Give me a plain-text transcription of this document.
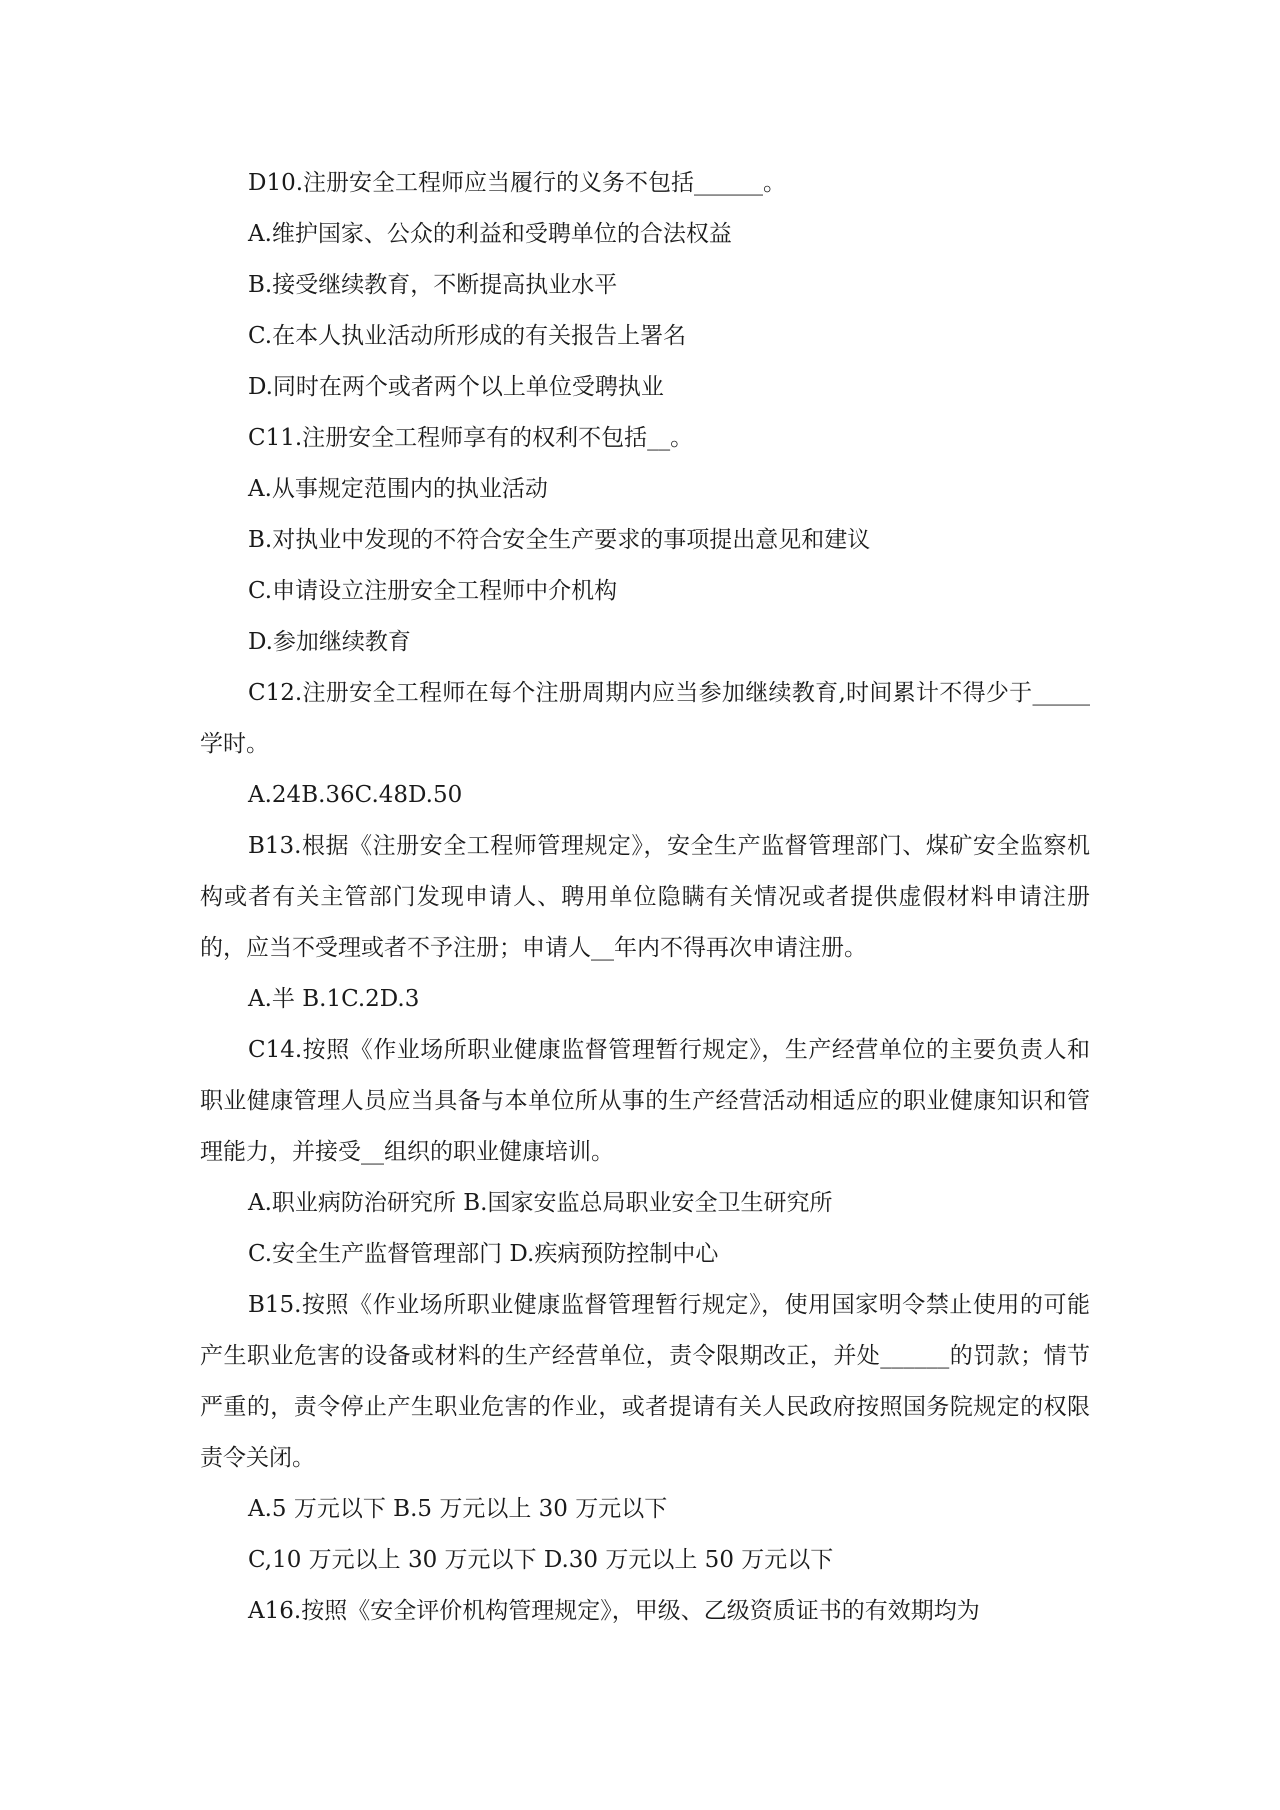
D10.注册安全工程师应当履行的义务不包括______。

A.维护国家、公众的利益和受聘单位的合法权益

B.接受继续教育，不断提高执业水平

C.在本人执业活动所形成的有关报告上署名

D.同时在两个或者两个以上单位受聘执业

C11.注册安全工程师享有的权利不包括__。

A.从事规定范围内的执业活动

B.对执业中发现的不符合安全生产要求的事项提出意见和建议

C.申请设立注册安全工程师中介机构

D.参加继续教育

C12.注册安全工程师在每个注册周期内应当参加继续教育,时间累计不得少于_____学时。

A.24B.36C.48D.50

B13.根据《注册安全工程师管理规定》，安全生产监督管理部门、煤矿安全监察机构或者有关主管部门发现申请人、聘用单位隐瞒有关情况或者提供虚假材料申请注册的，应当不受理或者不予注册；申请人__年内不得再次申请注册。

A.半 B.1C.2D.3

C14.按照《作业场所职业健康监督管理暂行规定》，生产经营单位的主要负责人和职业健康管理人员应当具备与本单位所从事的生产经营活动相适应的职业健康知识和管理能力，并接受__组织的职业健康培训。

A.职业病防治研究所 B.国家安监总局职业安全卫生研究所

C.安全生产监督管理部门 D.疾病预防控制中心

B15.按照《作业场所职业健康监督管理暂行规定》，使用国家明令禁止使用的可能产生职业危害的设备或材料的生产经营单位，责令限期改正，并处______的罚款；情节严重的，责令停止产生职业危害的作业，或者提请有关人民政府按照国务院规定的权限责令关闭。

A.5 万元以下 B.5 万元以上 30 万元以下

C,10 万元以上 30 万元以下 D.30 万元以上 50 万元以下

A16.按照《安全评价机构管理规定》，甲级、乙级资质证书的有效期均为
